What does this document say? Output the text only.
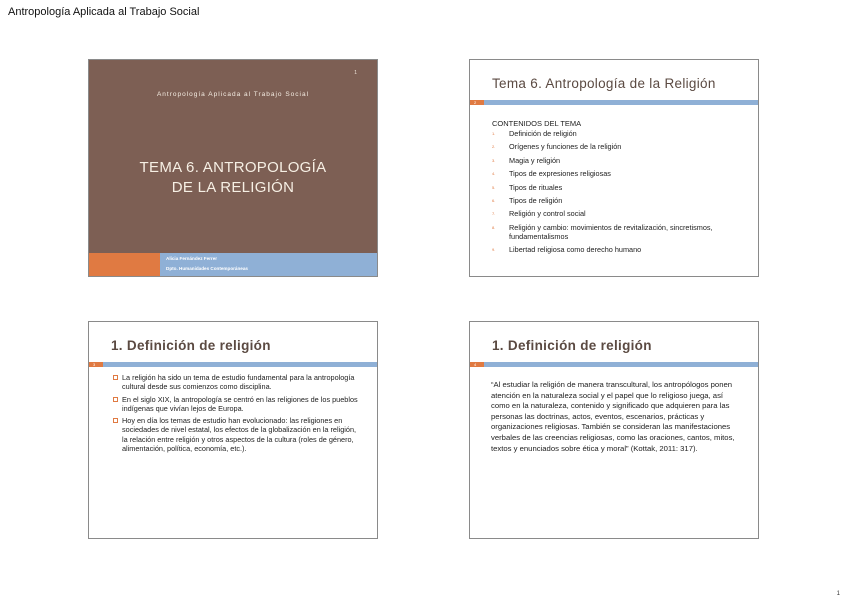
Antropología Aplicada al Trabajo Social
1
Antropología Aplicada al Trabajo Social
TEMA 6. ANTROPOLOGÍA
DE LA RELIGIÓN
Alicia Fernández Ferrer
Dpto. Humanidades Contemporáneas
Tema 6. Antropología de la Religión
2
CONTENIDOS DEL TEMA
1. Definición de religión
2. Orígenes y funciones de la religión
3. Magia y religión
4. Tipos de expresiones religiosas
5. Tipos de rituales
6. Tipos de religión
7. Religión y control social
8. Religión y cambio: movimientos de revitalización, sincretismos, fundamentalismos
9. Libertad religiosa como derecho humano
1. Definición de religión
3
La religión ha sido un tema de estudio fundamental para la antropología cultural desde sus comienzos como disciplina.
En el siglo XIX, la antropología se centró en las religiones de los pueblos indígenas que vivían lejos de Europa.
Hoy en día los temas de estudio han evolucionado: las religiones en sociedades de nivel estatal, los efectos de la globalización en la religión, la relación entre religión y otros aspectos de la cultura (roles de género, alimentación, política, economía, etc.).
1. Definición de religión
4

“Al estudiar la religión de manera transcultural, los antropólogos ponen atención en la naturaleza social y el papel que lo religioso juega, así como en la naturaleza, contenido y significado que adquieren para las personas las doctrinas, actos, eventos, escenarios, prácticas y organizaciones religiosas. También se consideran las manifestaciones verbales de las creencias religiosas, como las oraciones, cantos, mitos, textos y enunciados sobre ética y moral” (Kottak, 2011: 317).

1
